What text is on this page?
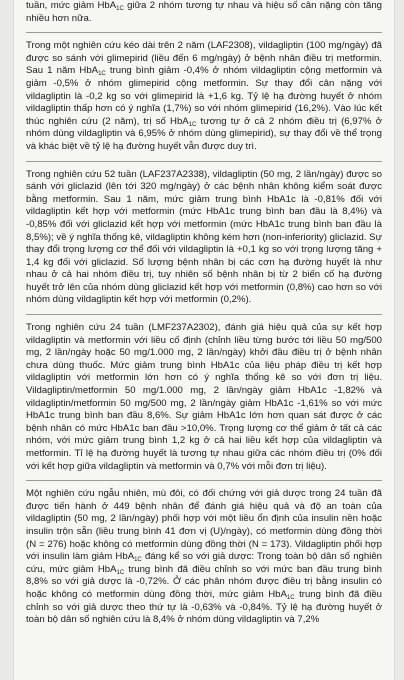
tuần, mức giảm HbA$_{1C}$ giữa 2 nhóm tương tự nhau và hiệu số cân nặng còn tăng nhiều hơn nữa.

Trong một nghiên cứu kéo dài trên 2 năm (LAF2308), vildagliptin (100 mg/ngày) đã được so sánh với glimepirid (liều đến 6 mg/ngày) ở bệnh nhân điều trị metformin. Sau 1 năm HbA$_{1C}$ trung bình giảm -0,4% ở nhóm vildagliptin cộng metformin và giảm -0,5% ở nhóm glimepirid cộng metformin. Sự thay đổi cân nặng với vildagliptin là -0,2 kg so với glimepirid là +1,6 kg. Tỷ lệ hạ đường huyết ở nhóm vildagliptin thấp hơn có ý nghĩa (1,7%) so với nhóm glimepirid (16,2%). Vào lúc kết thúc nghiên cứu (2 năm), trị số HbA$_{1C}$ tương tự ở cả 2 nhóm điều trị (6,97% ở nhóm dùng vildagliptin và 6,95% ở nhóm dùng glimepirid), sự thay đổi về thể trọng và khác biệt về tỷ lệ hạ đường huyết vẫn được duy trì.

Trong nghiên cứu 52 tuần (LAF237A2338), vildagliptin (50 mg, 2 lần/ngày) được so sánh với gliclazid (lên tới 320 mg/ngày) ở các bệnh nhân không kiểm soát được bằng metformin. Sau 1 năm, mức giảm trung bình HbA1c là -0,81% đối với vildagliptin kết hợp với metformin (mức HbA1c trung bình ban đầu là 8,4%) và -0,85% đối với gliclazid kết hợp với metformin (mức HbA1c trung bình ban đầu là 8,5%); về ý nghĩa thống kê, vildagliptin không kém hơn (non-inferiority) gliclazid. Sự thay đổi trọng lượng cơ thể đối với vildagliptin là +0,1 kg so với trọng lượng tăng + 1,4 kg đối với gliclazid. Số lượng bệnh nhân bị các cơn hạ đường huyết là như nhau ở cả hai nhóm điều trị, tuy nhiên số bệnh nhân bị từ 2 biến cố hạ đường huyết trở lên của nhóm dùng gliclazid kết hợp với metformin (0,8%) cao hơn so với nhóm dùng vildagliptin kết hợp với metformin (0,2%).

Trong nghiên cứu 24 tuần (LMF237A2302), đánh giá hiệu quả của sự kết hợp vildagliptin và metformin với liều cố định (chỉnh liều từng bước tới liều 50 mg/500 mg, 2 lần/ngày hoặc 50 mg/1.000 mg, 2 lần/ngày) khởi đầu điều trị ở bệnh nhân chưa dùng thuốc. Mức giảm trung bình HbA1c của liệu pháp điều trị kết hợp vildagliptin với metformin lớn hơn có ý nghĩa thống kê so với đơn trị liệu. Vildagliptin/metformin 50 mg/1.000 mg, 2 lần/ngày giảm HbA1c -1,82% và vildagliptin/metformin 50 mg/500 mg, 2 lần/ngày giảm HbA1c -1,61% so với mức HbA1c trung bình ban đầu 8,6%. Sự giảm HbA1c lớn hơn quan sát được ở các bệnh nhân có mức HbA1c ban đầu >10,0%. Trọng lượng cơ thể giảm ở tất cả các nhóm, với mức giảm trung bình 1,2 kg ở cả hai liều kết hợp của vildagliptin và metformin. Tỉ lệ hạ đường huyết là tương tự nhau giữa các nhóm điều trị (0% đối với kết hợp giữa vildagliptin và metformin và 0,7% với mỗi đơn trị liệu).

Một nghiên cứu ngẫu nhiên, mù đôi, có đối chứng với giả dược trong 24 tuần đã được tiến hành ở 449 bệnh nhân để đánh giá hiệu quả và độ an toàn của vildagliptin (50 mg, 2 lần/ngày) phối hợp với một liều ổn định của insulin nền hoặc insulin trộn sẵn (liều trung bình 41 đơn vị (U)/ngày), có metformin dùng đồng thời (N = 276) hoặc không có metformin dùng đồng thời (N = 173). Vildagliptin phối hợp với insulin làm giảm HbA$_{1C}$ đáng kể so với giả dược: Trong toàn bộ dân số nghiên cứu, mức giảm HbA$_{1C}$ trung bình đã điều chỉnh so với mức ban đầu trung bình 8,8% so với giả dược là -0,72%. Ở các phân nhóm được điều trị bằng insulin có hoặc không có metformin dùng đồng thời, mức giảm HbA$_{1C}$ trung bình đã điều chỉnh so với giả dược theo thứ tự là -0,63% và -0,84%. Tỷ lệ hạ đường huyết ở toàn bộ dân số nghiên cứu là 8,4% ở nhóm dùng vildagliptin và 7,2%
